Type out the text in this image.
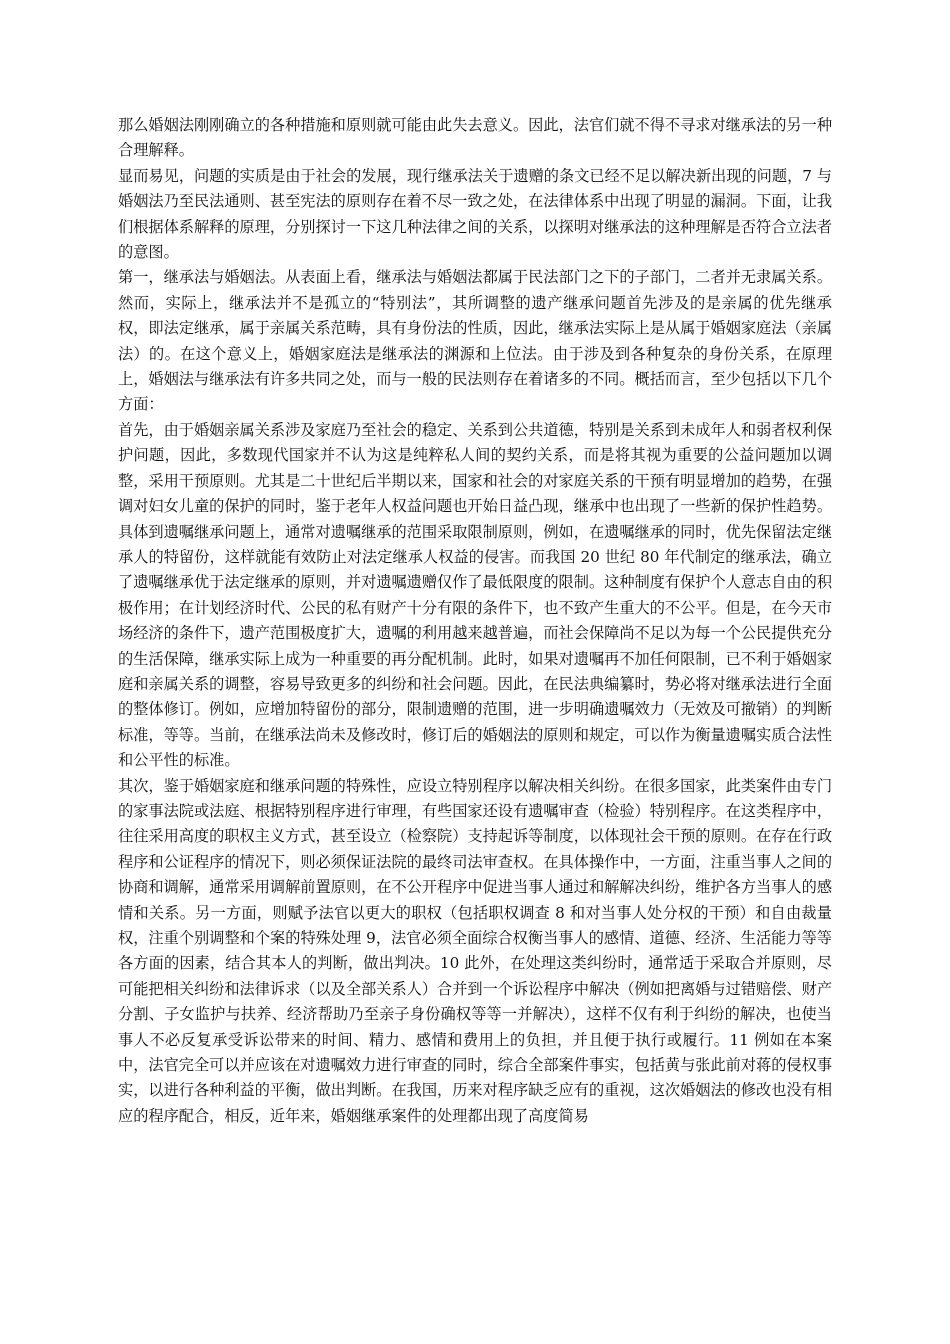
那么婚姻法刚刚确立的各种措施和原则就可能由此失去意义。因此，法官们就不得不寻求对继承法的另一种合理解释。

显而易见，问题的实质是由于社会的发展，现行继承法关于遗赠的条文已经不足以解决新出现的问题，7 与婚姻法乃至民法通则、甚至宪法的原则存在着不尽一致之处，在法律体系中出现了明显的漏洞。下面，让我们根据体系解释的原理，分别探讨一下这几种法律之间的关系，以探明对继承法的这种理解是否符合立法者的意图。

第一，继承法与婚姻法。从表面上看，继承法与婚姻法都属于民法部门之下的子部门，二者并无隶属关系。然而，实际上，继承法并不是孤立的“特别法”，其所调整的遗产继承问题首先涉及的是亲属的优先继承权，即法定继承，属于亲属关系范畴，具有身份法的性质，因此，继承法实际上是从属于婚姻家庭法（亲属法）的。在这个意义上，婚姻家庭法是继承法的渊源和上位法。由于涉及到各种复杂的身份关系，在原理上，婚姻法与继承法有许多共同之处，而与一般的民法则存在着诸多的不同。概括而言，至少包括以下几个方面：

首先，由于婚姻亲属关系涉及家庭乃至社会的稳定、关系到公共道德，特别是关系到未成年人和弱者权利保护问题，因此，多数现代国家并不认为这是纯粹私人间的契约关系，而是将其视为重要的公益问题加以调整，采用干预原则。尤其是二十世纪后半期以来，国家和社会的对家庭关系的干预有明显增加的趋势，在强调对妇女儿童的保护的同时，鉴于老年人权益问题也开始日益凸现，继承中也出现了一些新的保护性趋势。具体到遗嘱继承问题上，通常对遗嘱继承的范围采取限制原则，例如，在遗嘱继承的同时，优先保留法定继承人的特留份，这样就能有效防止对法定继承人权益的侵害。而我国 20 世纪 80 年代制定的继承法，确立了遗嘱继承优于法定继承的原则，并对遗嘱遗赠仅作了最低限度的限制。这种制度有保护个人意志自由的积极作用；在计划经济时代、公民的私有财产十分有限的条件下，也不致产生重大的不公平。但是，在今天市场经济的条件下，遗产范围极度扩大，遗嘱的利用越来越普遍，而社会保障尚不足以为每一个公民提供充分的生活保障，继承实际上成为一种重要的再分配机制。此时，如果对遗嘱再不加任何限制，已不利于婚姻家庭和亲属关系的调整，容易导致更多的纠纷和社会问题。因此，在民法典编纂时，势必将对继承法进行全面的整体修订。例如，应增加特留份的部分，限制遗赠的范围，进一步明确遗嘱效力（无效及可撤销）的判断标准，等等。当前，在继承法尚未及修改时，修订后的婚姻法的原则和规定，可以作为衡量遗嘱实质合法性和公平性的标准。

其次，鉴于婚姻家庭和继承问题的特殊性，应设立特别程序以解决相关纠纷。在很多国家，此类案件由专门的家事法院或法庭、根据特别程序进行审理，有些国家还设有遗嘱审查（检验）特别程序。在这类程序中，往往采用高度的职权主义方式，甚至设立（检察院）支持起诉等制度，以体现社会干预的原则。在存在行政程序和公证程序的情况下，则必须保证法院的最终司法审查权。在具体操作中，一方面，注重当事人之间的协商和调解，通常采用调解前置原则，在不公开程序中促进当事人通过和解解决纠纷，维护各方当事人的感情和关系。另一方面，则赋予法官以更大的职权（包括职权调查 8 和对当事人处分权的干预）和自由裁量权，注重个别调整和个案的特殊处理 9，法官必须全面综合权衡当事人的感情、道德、经济、生活能力等等各方面的因素，结合其本人的判断，做出判决。10 此外，在处理这类纠纷时，通常适于采取合并原则，尽可能把相关纠纷和法律诉求（以及全部关系人）合并到一个诉讼程序中解决（例如把离婚与过错赔偿、财产分割、子女监护与扶养、经济帮助乃至亲子身份确权等等一并解决），这样不仅有利于纠纷的解决，也使当事人不必反复承受诉讼带来的时间、精力、感情和费用上的负担，并且便于执行或履行。11 例如在本案中，法官完全可以并应该在对遗嘱效力进行审查的同时，综合全部案件事实，包括黄与张此前对蒋的侵权事实，以进行各种利益的平衡，做出判断。在我国，历来对程序缺乏应有的重视，这次婚姻法的修改也没有相应的程序配合，相反，近年来，婚姻继承案件的处理都出现了高度简易
